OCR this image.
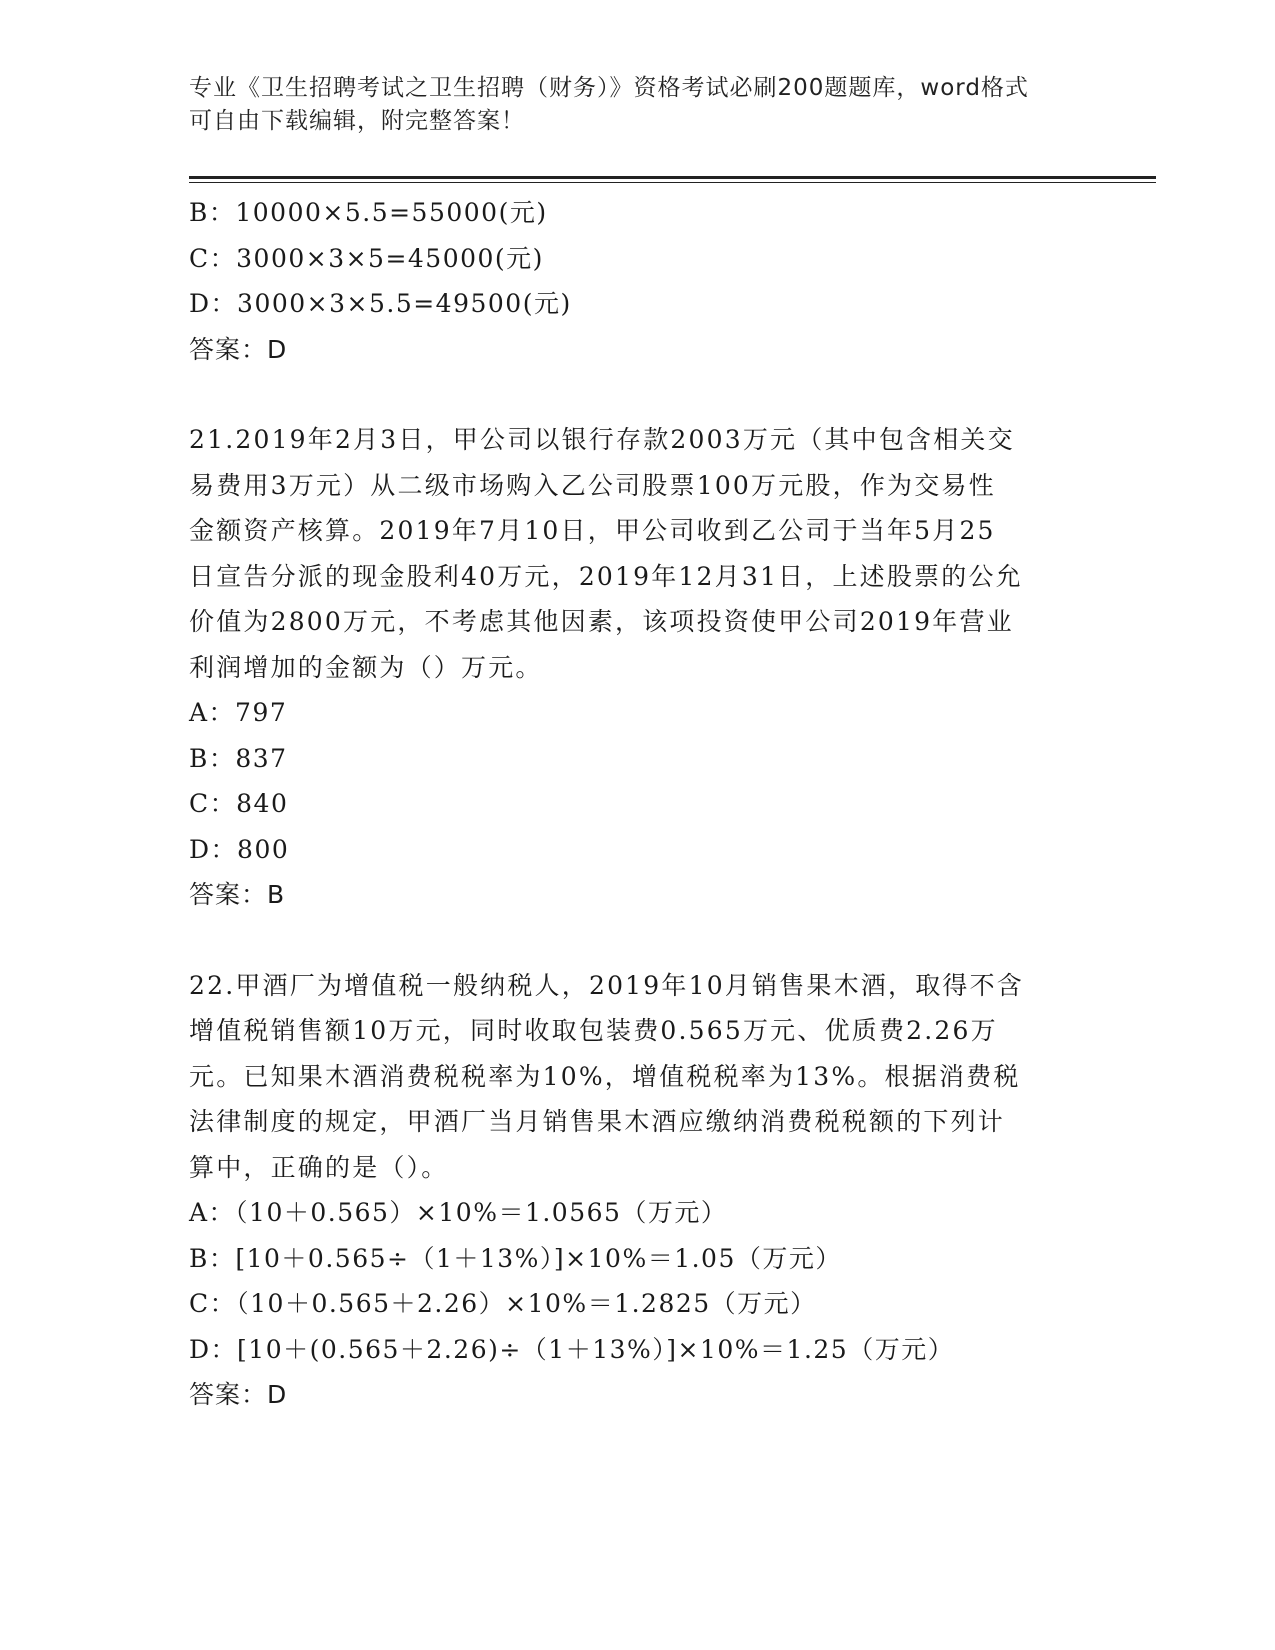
专业《卫生招聘考试之卫生招聘（财务）》资格考试必刷200题题库，word格式
可自由下载编辑，附完整答案！
B：10000×5.5=55000(元)
C：3000×3×5=45000(元)
D：3000×3×5.5=49500(元)
答案：D
21.2019年2月3日，甲公司以银行存款2003万元（其中包含相关交
易费用3万元）从二级市场购入乙公司股票100万元股，作为交易性
金额资产核算。2019年7月10日，甲公司收到乙公司于当年5月25
日宣告分派的现金股利40万元，2019年12月31日，上述股票的公允
价值为2800万元，不考虑其他因素，该项投资使甲公司2019年营业
利润增加的金额为（）万元。
A：797
B：837
C：840
D：800
答案：B
22.甲酒厂为增值税一般纳税人，2019年10月销售果木酒，取得不含
增值税销售额10万元，同时收取包装费0.565万元、优质费2.26万
元。已知果木酒消费税税率为10%，增值税税率为13%。根据消费税
法律制度的规定，甲酒厂当月销售果木酒应缴纳消费税税额的下列计
算中，正确的是（）。
A：（10＋0.565）×10%＝1.0565（万元）
B：[10＋0.565÷（1＋13%）]×10%＝1.05（万元）
C：（10＋0.565＋2.26）×10%＝1.2825（万元）
D：[10＋(0.565＋2.26)÷（1＋13%）]×10%＝1.25（万元）
答案：D
